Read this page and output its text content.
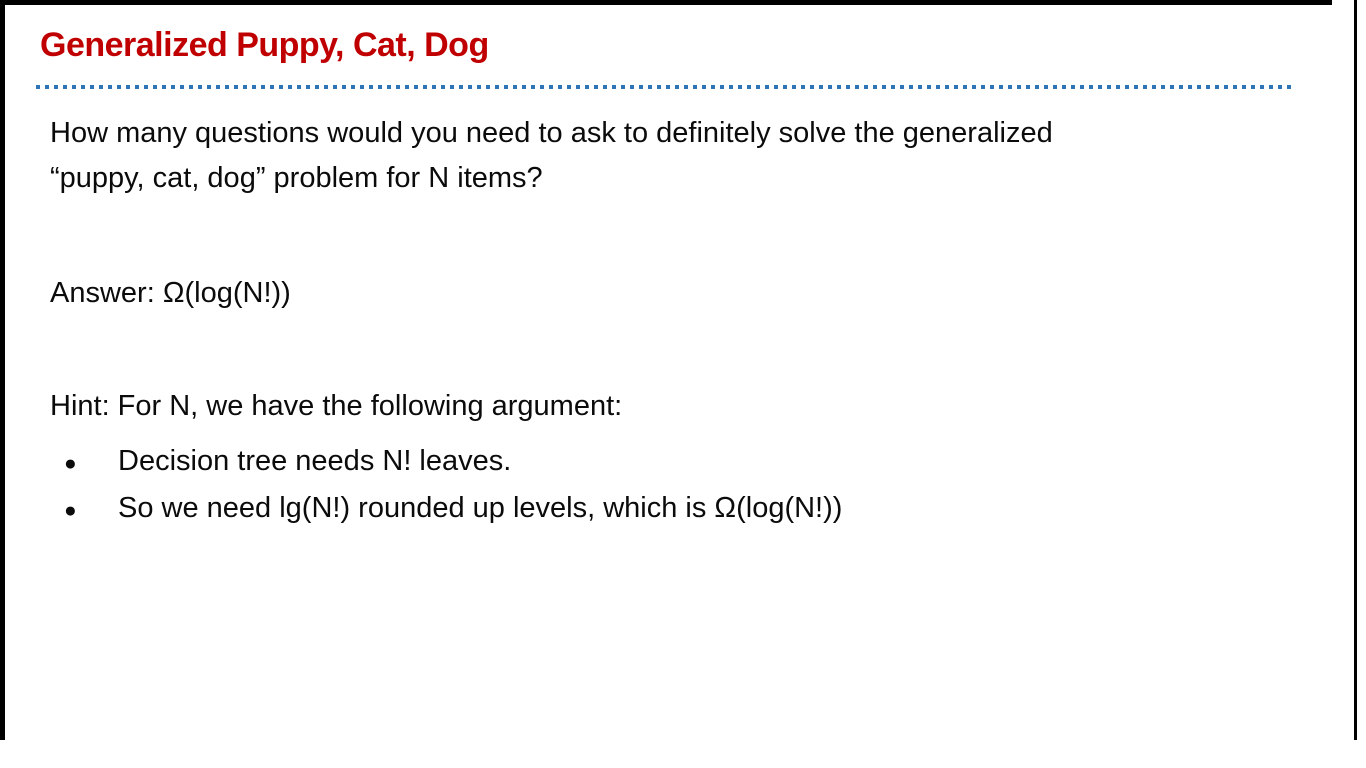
Generalized Puppy, Cat, Dog
How many questions would you need to ask to definitely solve the generalized
“puppy, cat, dog” problem for N items?
Answer: Ω(log(N!))
Hint: For N, we have the following argument:
● Decision tree needs N! leaves.
● So we need lg(N!) rounded up levels, which is Ω(log(N!))
